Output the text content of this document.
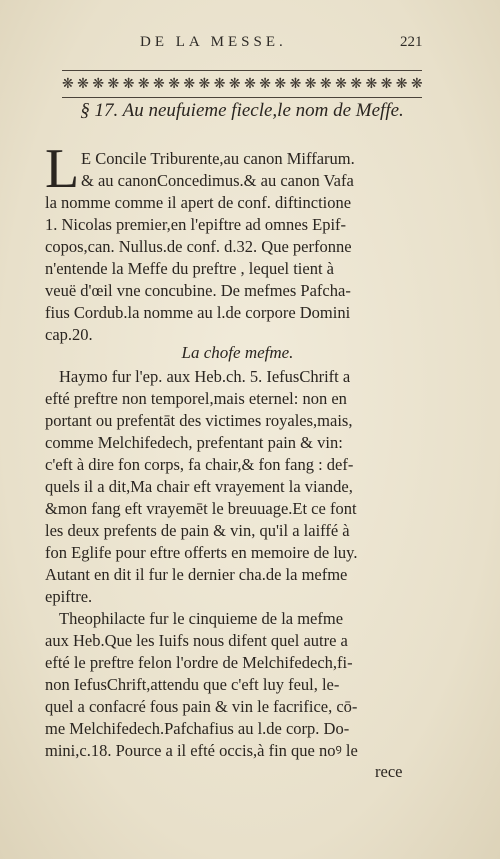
DE LA MESSE.	221
❋ ❋ ❋ ❋ ❋ ❋ ❋ ❋ ❋ ❋ ❋ ❋ ❋ ❋ ❋ ❋ ❋ ❋ ❋ ❋ ❋ ❋ ❋ ❋
§ 17. Au neufuieme fiecle,le nom de Meffe.
L E Concile Triburente,au canon Miffarum.
& au canonConcedimus.& au canon Vafa
la nomme comme il apert de conf. diftinctione
1. Nicolas premier,en l'epiftre ad omnes Epif-
copos,can. Nullus.de conf. d.32. Que perfonne
n'entende la Meffe du preftre , lequel tient à
veuë d'œil vne concubine. De mefmes Pafcha-
fius Cordub.la nomme au l.de corpore Domini
cap.20.
La chofe mefme.
Haymo fur l'ep. aux Heb.ch. 5. IefusChrift a
efté preftre non temporel,mais eternel: non en
portant ou prefentāt des victimes royales,mais,
comme Melchifedech, prefentant pain & vin:
c'eft à dire fon corps, fa chair,& fon fang : def-
quels il a dit,Ma chair eft vrayement la viande,
&mon fang eft vrayemēt le breuuage.Et ce font
les deux prefents de pain & vin, qu'il a laiffé à
fon Eglife pour eftre offerts en memoire de luy.
Autant en dit il fur le dernier cha.de la mefme
epiftre.
Theophilacte fur le cinquieme de la mefme
aux Heb.Que les Iuifs nous difent quel autre a
efté le preftre felon l'ordre de Melchifedech,fi-
non IefusChrift,attendu que c'eft luy feul, le-
quel a confacré fous pain & vin le facrifice, cō-
me Melchifedech.Pafchafius au l.de corp. Do-
mini,c.18. Pource a il efté occis,à fin que noꝰ le
rece
